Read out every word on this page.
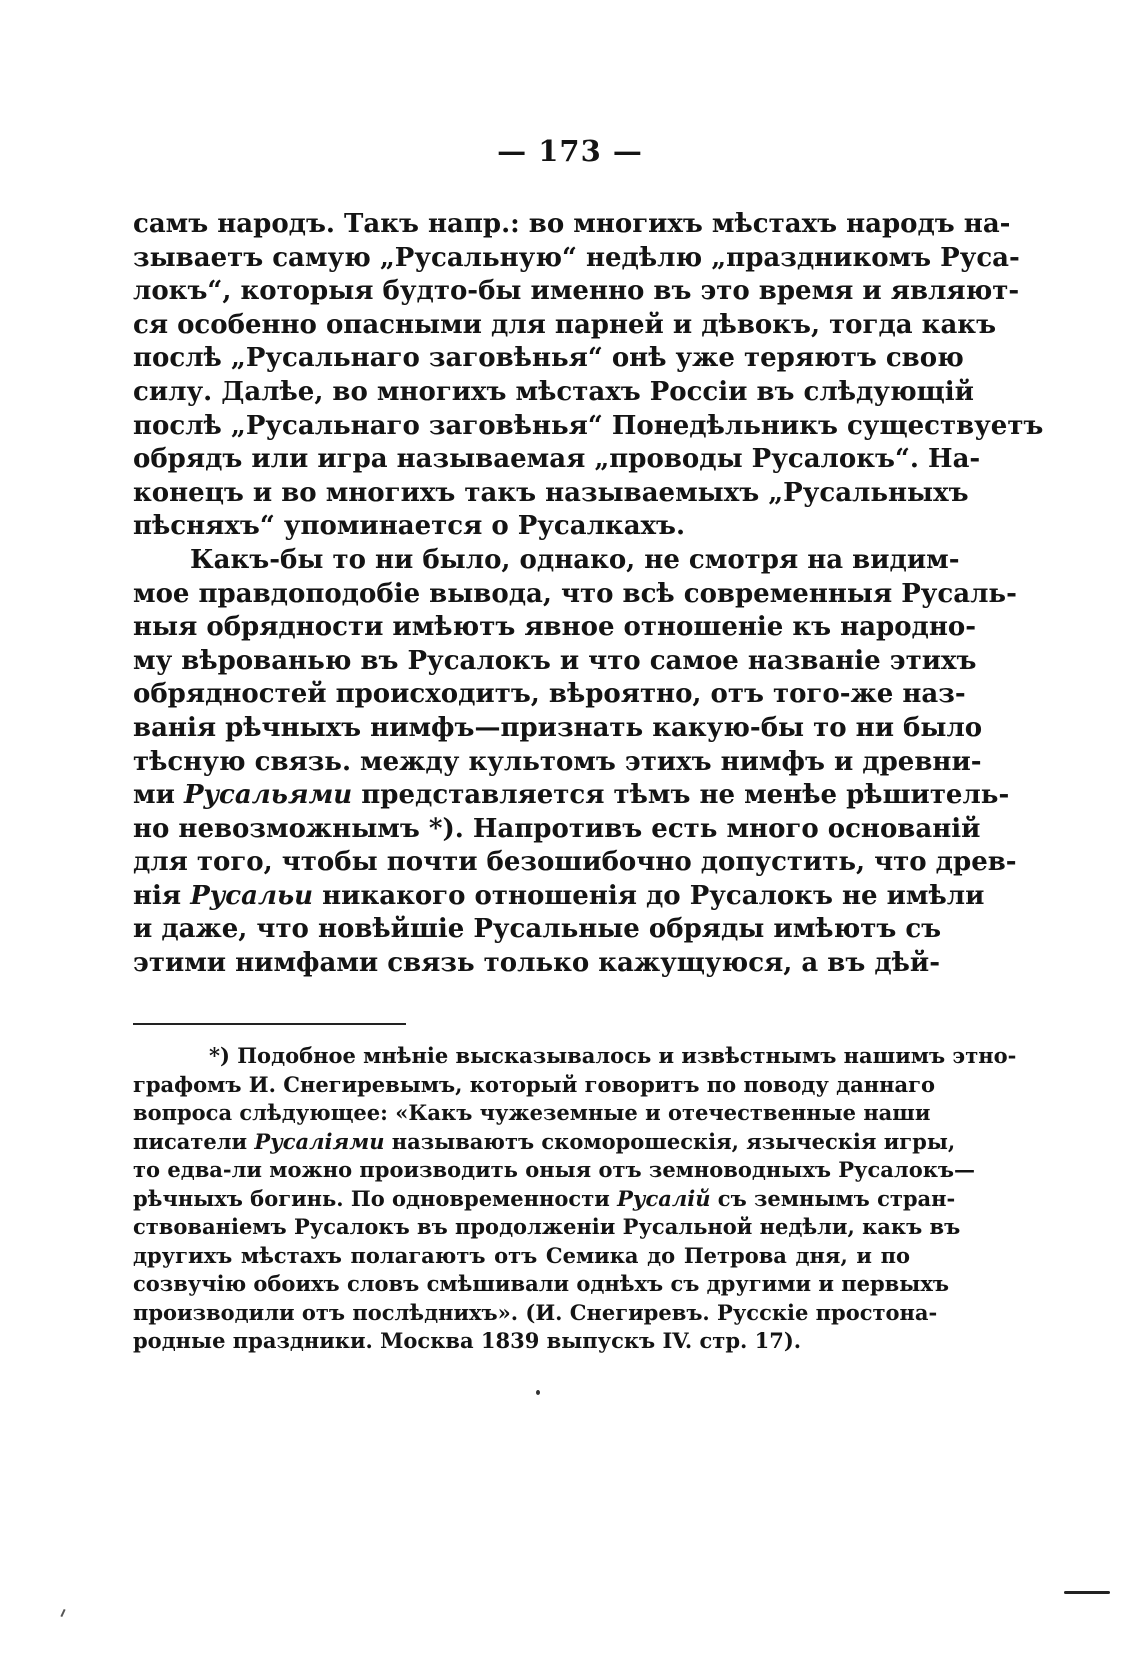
— 173 —
самъ народъ. Такъ напр.: во многихъ мѣстахъ народъ на-
зываетъ самую „Русальную“ недѣлю „праздникомъ Руса-
локъ“, которыя будто-бы именно въ это время и являют-
ся особенно опасными для парней и дѣвокъ, тогда какъ
послѣ „Русальнаго заговѣнья“ онѣ уже теряютъ свою
силу. Далѣе, во многихъ мѣстахъ Россіи въ слѣдующій
послѣ „Русальнаго заговѣнья“ Понедѣльникъ существуетъ
обрядъ или игра называемая „проводы Русалокъ“. На-
конецъ и во многихъ такъ называемыхъ „Русальныхъ
пѣсняхъ“ упоминается о Русалкахъ.
Какъ-бы то ни было, однако, не смотря на видим-
мое правдоподобіе вывода, что всѣ современныя Русаль-
ныя обрядности имѣютъ явное отношеніе къ народно-
му вѣрованью въ Русалокъ и что самое названіе этихъ
обрядностей происходитъ, вѣроятно, отъ того-же наз-
ванія рѣчныхъ нимфъ—признать какую-бы то ни было
тѣсную связь. между культомъ этихъ нимфъ и древни-
ми Русальями представляется тѣмъ не менѣе рѣшитель-
но невозможнымъ *). Напротивъ есть много основаній
для того, чтобы почти безошибочно допустить, что древ-
нія Русальи никакого отношенія до Русалокъ не имѣли
и даже, что новѣйшіе Русальные обряды имѣютъ съ
этими нимфами связь только кажущуюся, а въ дѣй-
*) Подобное мнѣніе высказывалось и извѣстнымъ нашимъ этно-
графомъ И. Снегиревымъ, который говоритъ по поводу даннаго
вопроса слѣдующее: «Какъ чужеземные и отечественные наши
писатели Русаліями называютъ скоморошескія, языческія игры,
то едва-ли можно производить оныя отъ земноводныхъ Русалокъ—
рѣчныхъ богинь. По одновременности Русалій съ земнымъ стран-
ствованіемъ Русалокъ въ продолженіи Русальной недѣли, какъ въ
другихъ мѣстахъ полагаютъ отъ Семика до Петрова дня, и по
созвучію обоихъ словъ смѣшивали однѣхъ съ другими и первыхъ
производили отъ послѣднихъ». (И. Снегиревъ. Русскіе простона-
родные праздники. Москва 1839 выпускъ IV. стр. 17).
